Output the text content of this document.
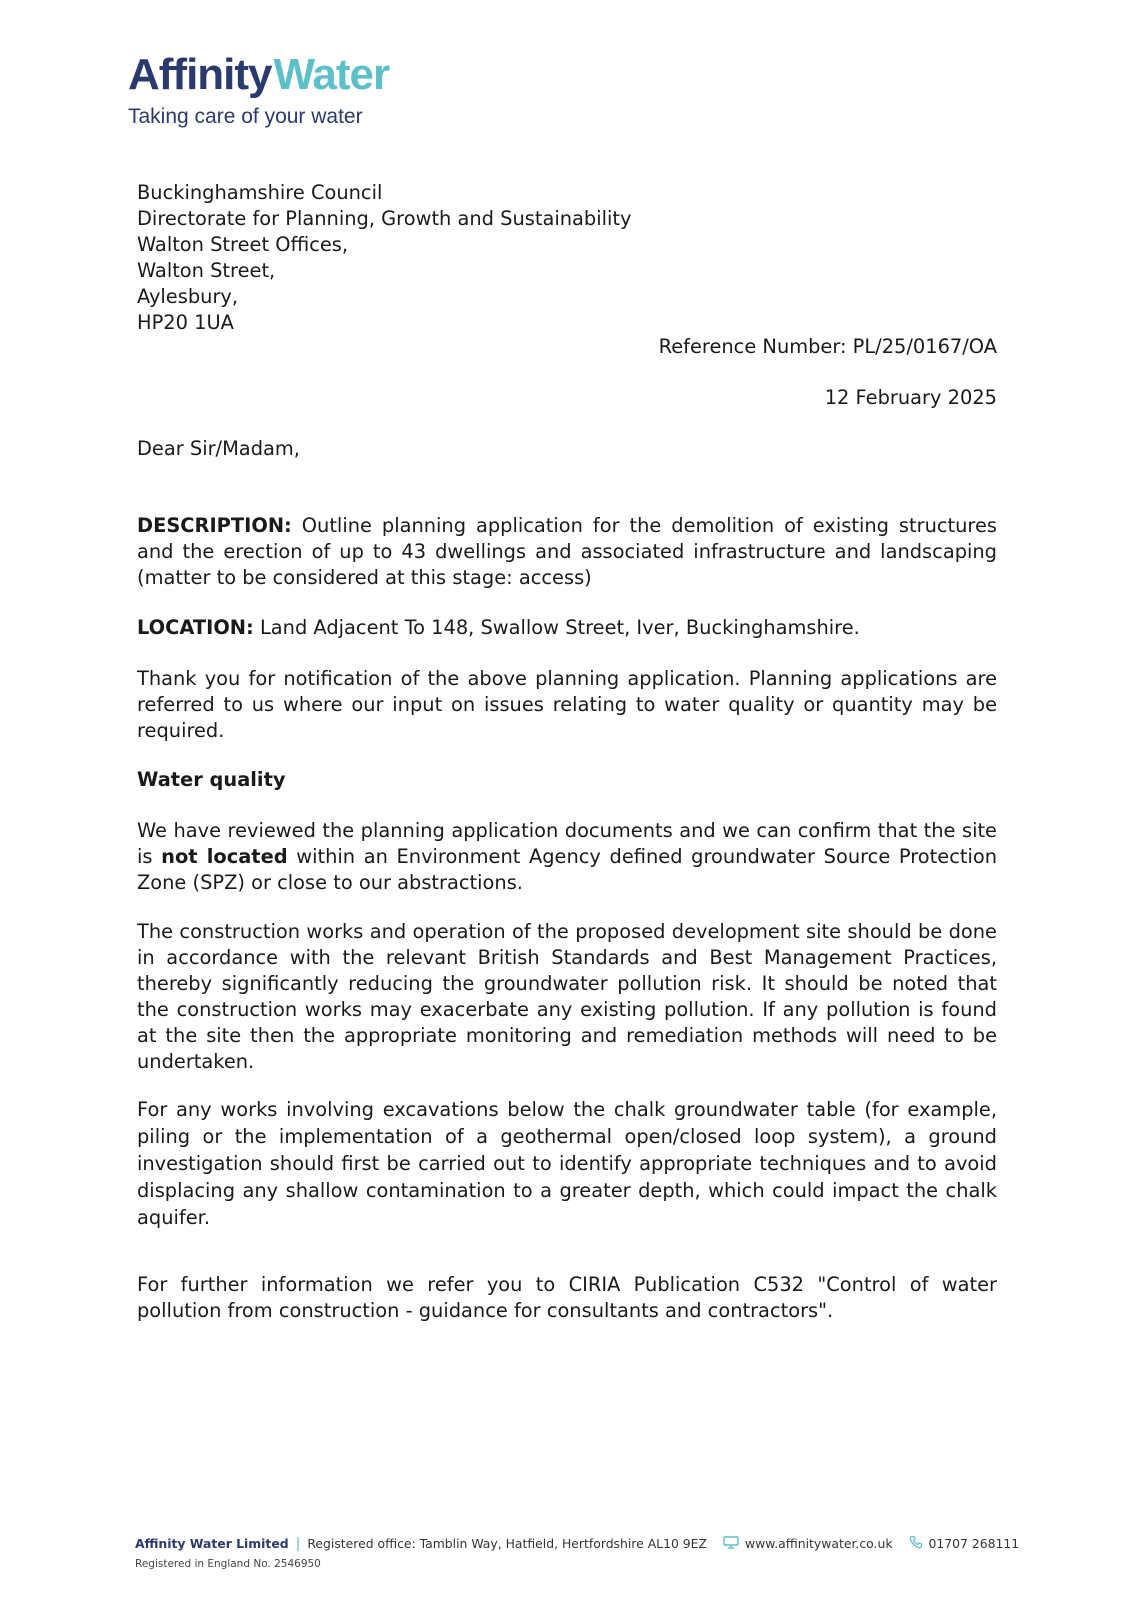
AffinityWater
Taking care of your water
Buckinghamshire Council
Directorate for Planning, Growth and Sustainability
Walton Street Offices,
Walton Street,
Aylesbury,
HP20 1UA
Reference Number: PL/25/0167/OA
12 February 2025
Dear Sir/Madam,
DESCRIPTION: Outline planning application for the demolition of existing structures and the erection of up to 43 dwellings and associated infrastructure and landscaping (matter to be considered at this stage: access)
LOCATION: Land Adjacent To 148, Swallow Street, Iver, Buckinghamshire.
Thank you for notification of the above planning application. Planning applications are referred to us where our input on issues relating to water quality or quantity may be required.
Water quality
We have reviewed the planning application documents and we can confirm that the site is not located within an Environment Agency defined groundwater Source Protection Zone (SPZ) or close to our abstractions.
The construction works and operation of the proposed development site should be done in accordance with the relevant British Standards and Best Management Practices, thereby significantly reducing the groundwater pollution risk. It should be noted that the construction works may exacerbate any existing pollution. If any pollution is found at the site then the appropriate monitoring and remediation methods will need to be undertaken.
For any works involving excavations below the chalk groundwater table (for example, piling or the implementation of a geothermal open/closed loop system), a ground investigation should first be carried out to identify appropriate techniques and to avoid displacing any shallow contamination to a greater depth, which could impact the chalk aquifer.
For further information we refer you to CIRIA Publication C532 "Control of water pollution from construction - guidance for consultants and contractors".
Affinity Water Limited | Registered office: Tamblin Way, Hatfield, Hertfordshire AL10 9EZ	www.affinitywater.co.uk	01707 268111
Registered in England No. 2546950
